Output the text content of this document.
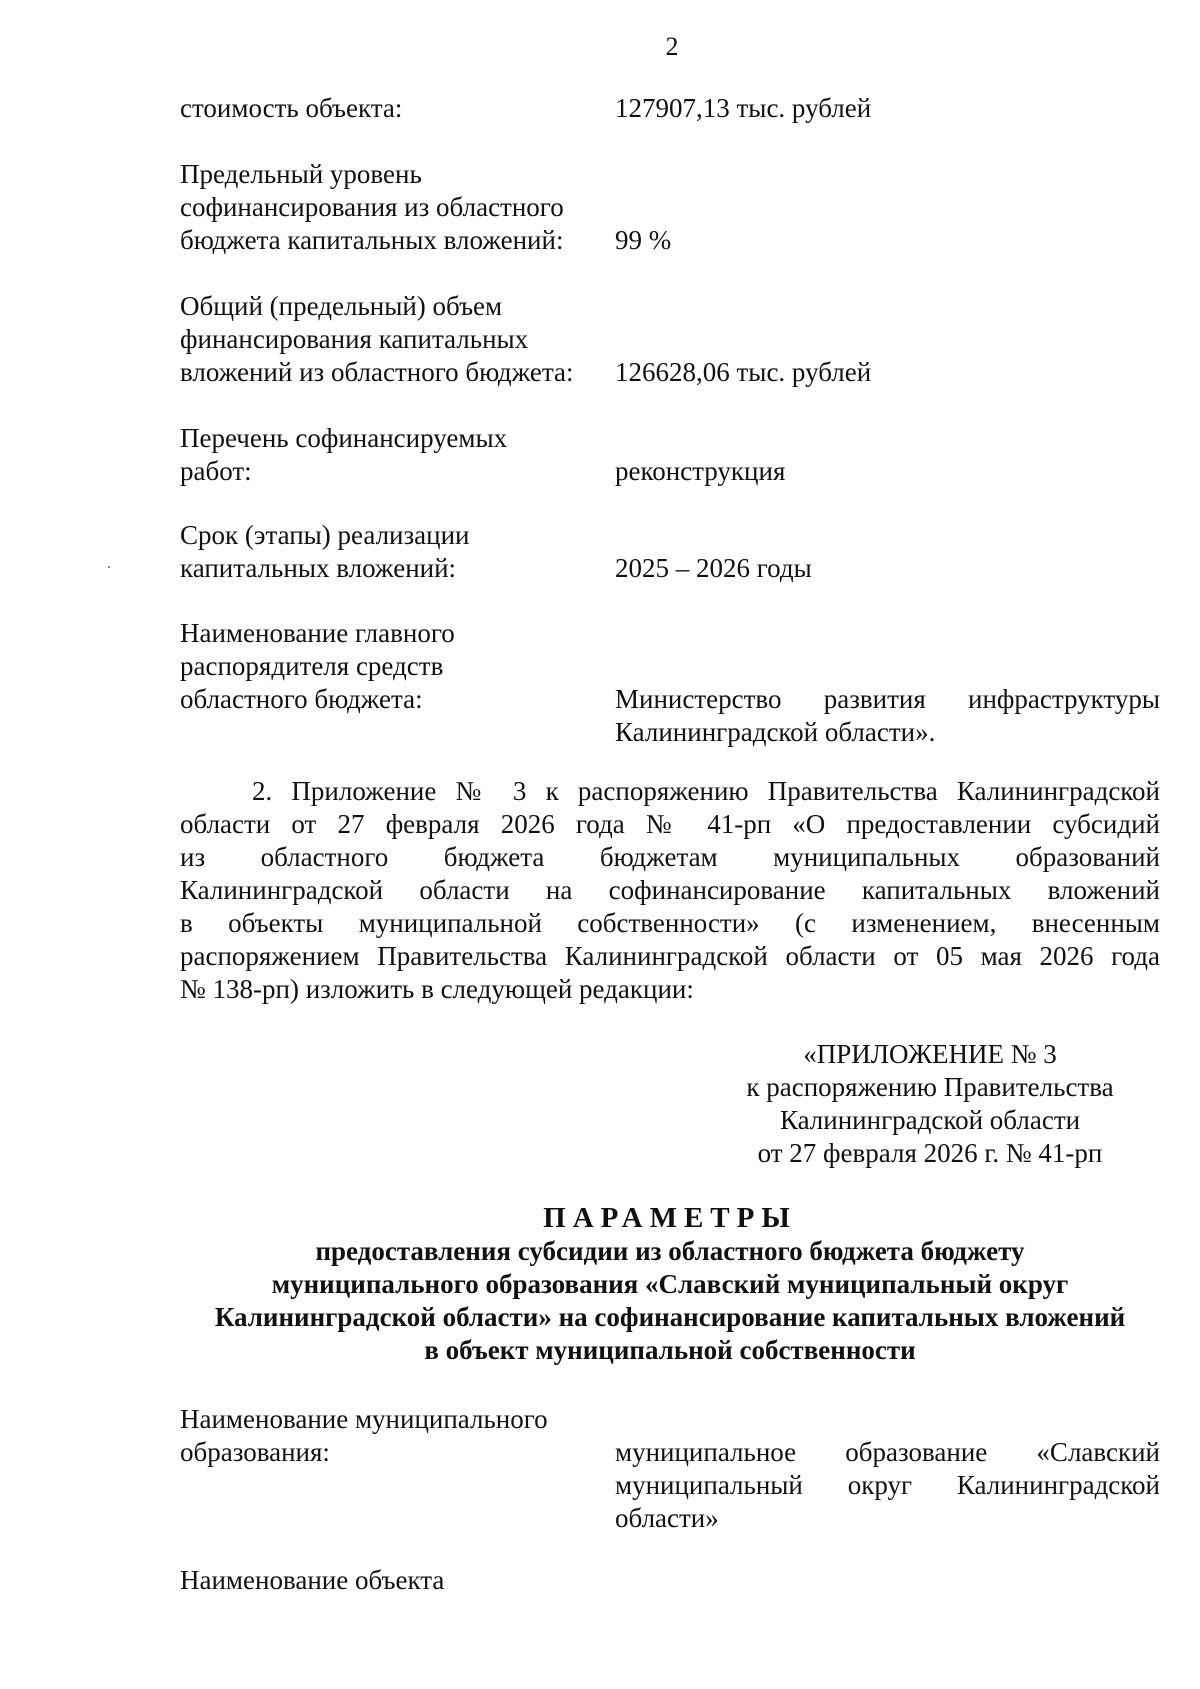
2
стоимость объекта:	127907,13 тыс. рублей
Предельный уровень
софинансирования из областного
бюджета капитальных вложений:	99 %
Общий (предельный) объем
финансирования капитальных
вложений из областного бюджета:	126628,06 тыс. рублей
Перечень софинансируемых
работ:	реконструкция
Срок (этапы) реализации
капитальных вложений:	2025 – 2026 годы
Наименование главного
распорядителя средств
областного бюджета:	Министерство развития инфраструктуры
Калининградской области».
2. Приложение № 3 к распоряжению Правительства Калининградской
области от 27 февраля 2026 года № 41-рп «О предоставлении субсидий
из областного бюджета бюджетам муниципальных образований
Калининградской области на софинансирование капитальных вложений
в объекты муниципальной собственности» (с изменением, внесенным
распоряжением Правительства Калининградской области от 05 мая 2026 года
№ 138-рп) изложить в следующей редакции:
«ПРИЛОЖЕНИЕ № 3
к распоряжению Правительства
Калининградской области
от 27 февраля 2026 г. № 41-рп
ПАРАМЕТРЫ
предоставления субсидии из областного бюджета бюджету
муниципального образования «Славский муниципальный округ
Калининградской области» на софинансирование капитальных вложений
в объект муниципальной собственности
Наименование муниципального
образования:	муниципальное образование «Славский
муниципальный округ Калининградской
области»
Наименование объекта
